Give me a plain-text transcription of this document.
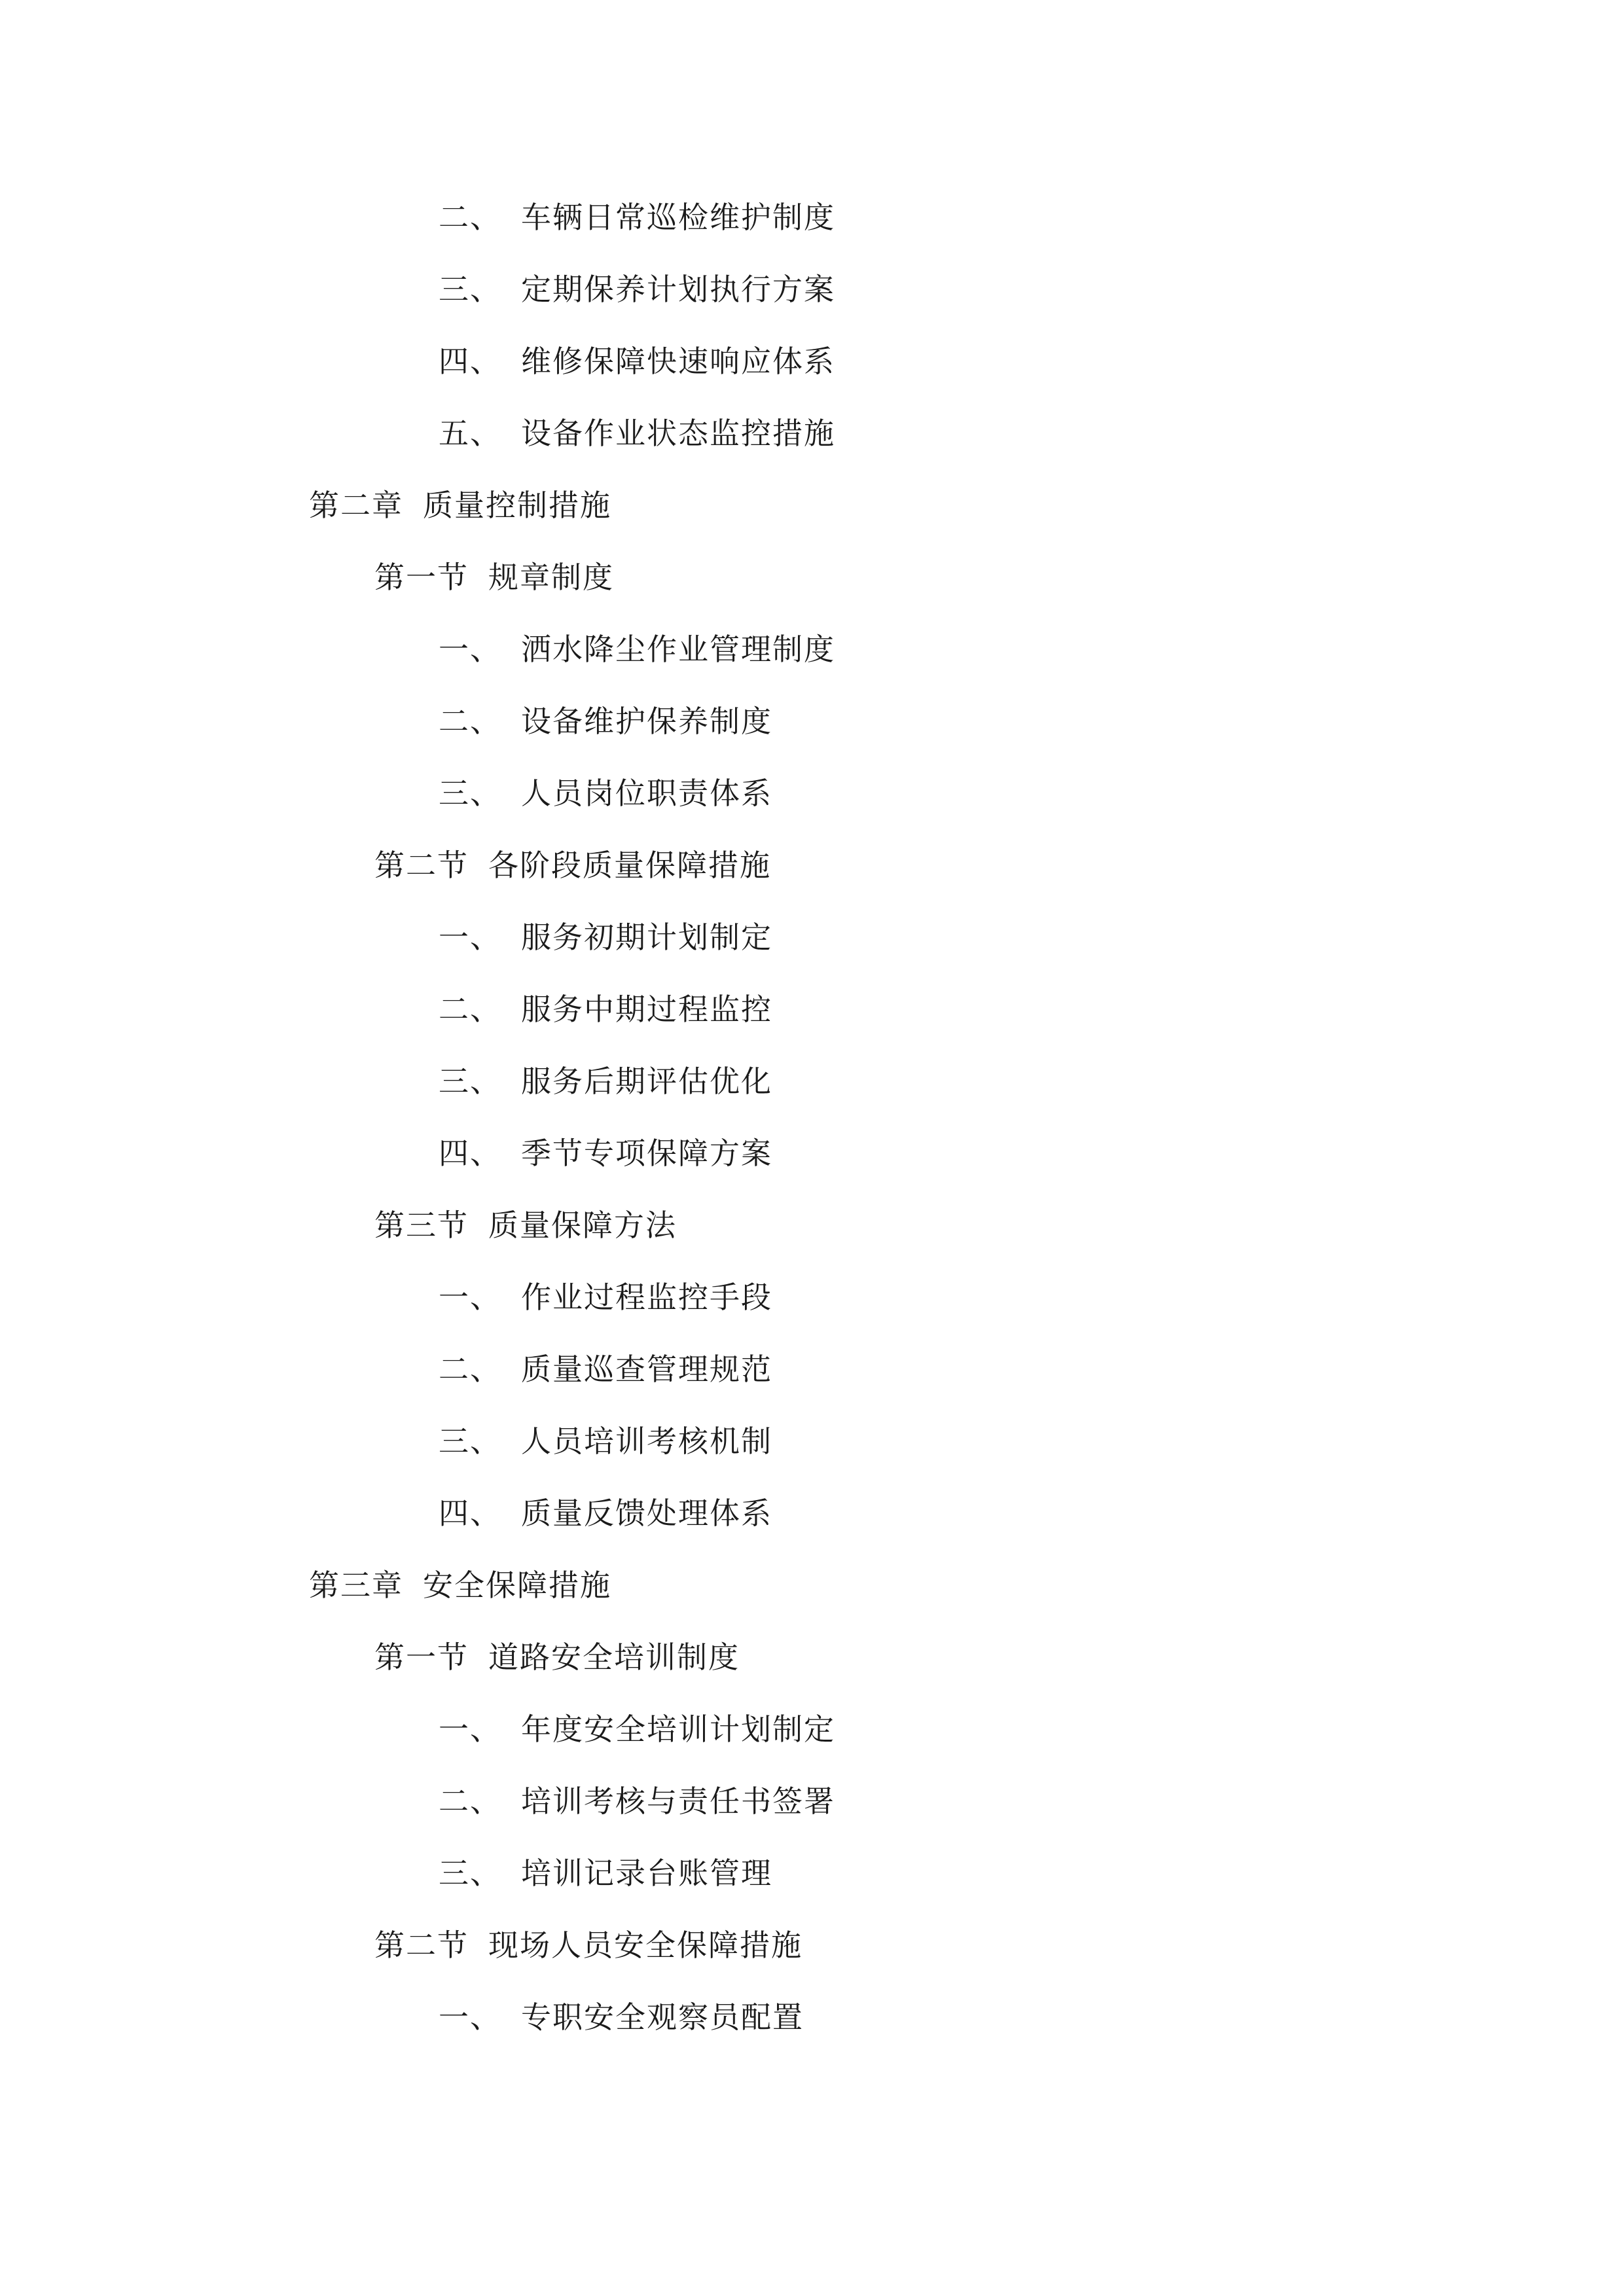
二、 车辆日常巡检维护制度
三、 定期保养计划执行方案
四、 维修保障快速响应体系
五、 设备作业状态监控措施
第二章 质量控制措施
第一节 规章制度
一、 洒水降尘作业管理制度
二、 设备维护保养制度
三、 人员岗位职责体系
第二节 各阶段质量保障措施
一、 服务初期计划制定
二、 服务中期过程监控
三、 服务后期评估优化
四、 季节专项保障方案
第三节 质量保障方法
一、 作业过程监控手段
二、 质量巡查管理规范
三、 人员培训考核机制
四、 质量反馈处理体系
第三章 安全保障措施
第一节 道路安全培训制度
一、 年度安全培训计划制定
二、 培训考核与责任书签署
三、 培训记录台账管理
第二节 现场人员安全保障措施
一、 专职安全观察员配置
